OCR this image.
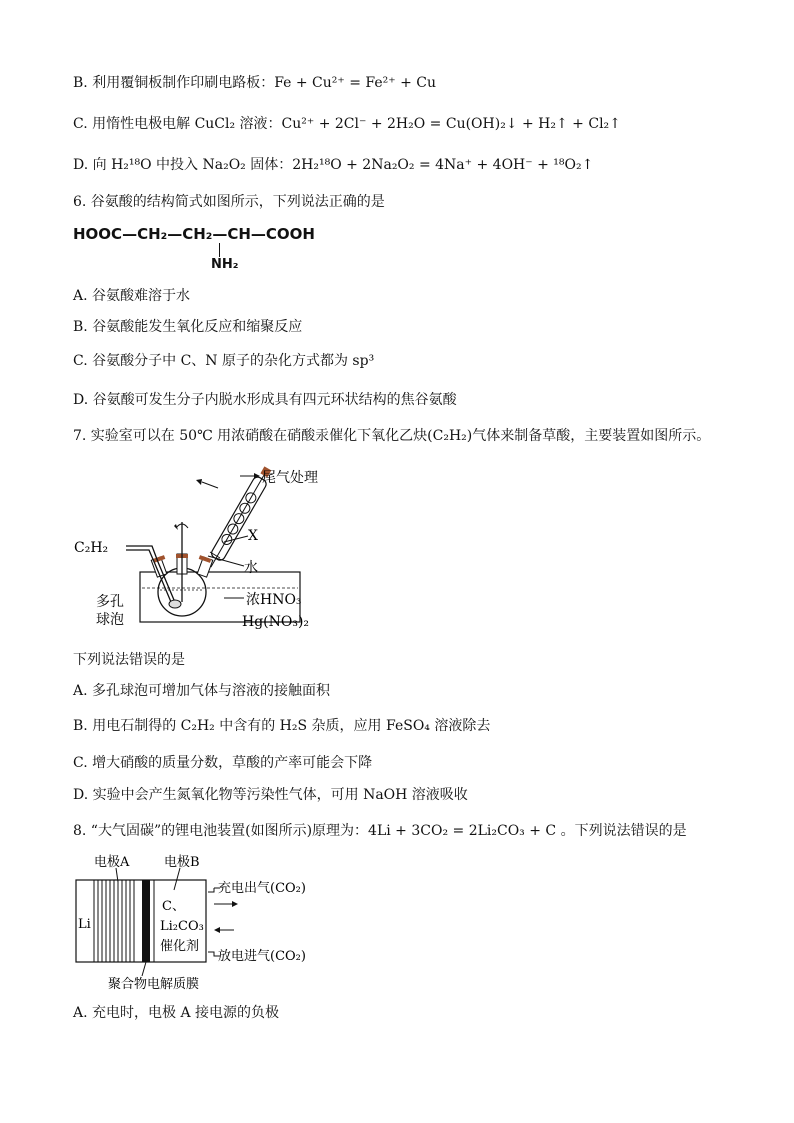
B. 利用覆铜板制作印刷电路板：Fe + Cu²⁺ = Fe²⁺ + Cu
C. 用惰性电极电解 CuCl₂ 溶液：Cu²⁺ + 2Cl⁻ + 2H₂O = Cu(OH)₂↓ + H₂↑ + Cl₂↑
D. 向 H₂¹⁸O 中投入 Na₂O₂ 固体：2H₂¹⁸O + 2Na₂O₂ = 4Na⁺ + 4OH⁻ + ¹⁸O₂↑
6. 谷氨酸的结构简式如图所示，下列说法正确的是
HOOC—CH₂—CH₂—CH—COOH
NH₂
A. 谷氨酸难溶于水
B. 谷氨酸能发生氧化反应和缩聚反应
C. 谷氨酸分子中 C、N 原子的杂化方式都为 sp³
D. 谷氨酸可发生分子内脱水形成具有四元环状结构的焦谷氨酸
7. 实验室可以在 50℃ 用浓硝酸在硝酸汞催化下氧化乙炔(C₂H₂)气体来制备草酸，主要装置如图所示。
尾气处理
X
水
C₂H₂
多孔
球泡
浓HNO₃
Hg(NO₃)₂
下列说法错误的是
A. 多孔球泡可增加气体与溶液的接触面积
B. 用电石制得的 C₂H₂ 中含有的 H₂S 杂质，应用 FeSO₄ 溶液除去
C. 增大硝酸的质量分数，草酸的产率可能会下降
D. 实验中会产生氮氧化物等污染性气体，可用 NaOH 溶液吸收
8. “大气固碳”的锂电池装置(如图所示)原理为：4Li + 3CO₂ = 2Li₂CO₃ + C 。下列说法错误的是
电极A	电极B
Li
C、
Li₂CO₃
催化剂
充电出气(CO₂)
放电进气(CO₂)
聚合物电解质膜
A. 充电时，电极 A 接电源的负极
